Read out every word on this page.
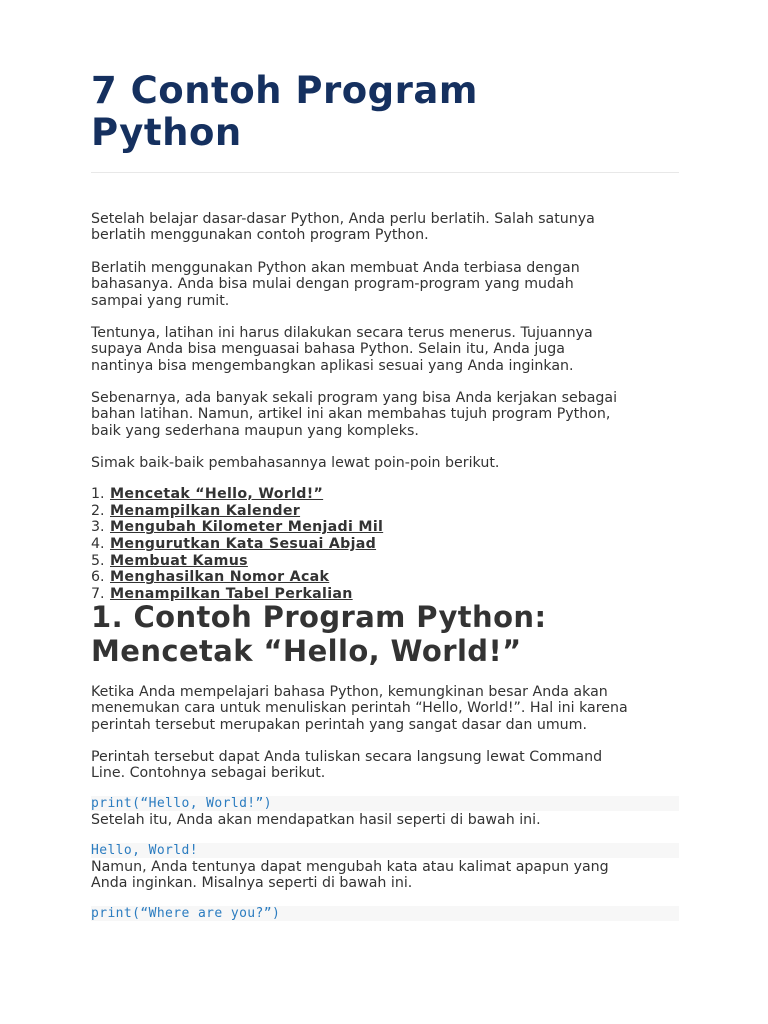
7 Contoh Program
Python

Setelah belajar dasar-dasar Python, Anda perlu berlatih. Salah satunya
berlatih menggunakan contoh program Python.

Berlatih menggunakan Python akan membuat Anda terbiasa dengan
bahasanya. Anda bisa mulai dengan program-program yang mudah
sampai yang rumit.

Tentunya, latihan ini harus dilakukan secara terus menerus. Tujuannya
supaya Anda bisa menguasai bahasa Python. Selain itu, Anda juga
nantinya bisa mengembangkan aplikasi sesuai yang Anda inginkan.

Sebenarnya, ada banyak sekali program yang bisa Anda kerjakan sebagai
bahan latihan. Namun, artikel ini akan membahas tujuh program Python,
baik yang sederhana maupun yang kompleks.

Simak baik-baik pembahasannya lewat poin-poin berikut.

1. Mencetak “Hello, World!”
2. Menampilkan Kalender
3. Mengubah Kilometer Menjadi Mil
4. Mengurutkan Kata Sesuai Abjad
5. Membuat Kamus
6. Menghasilkan Nomor Acak
7. Menampilkan Tabel Perkalian
1. Contoh Program Python:
Mencetak “Hello, World!”

Ketika Anda mempelajari bahasa Python, kemungkinan besar Anda akan
menemukan cara untuk menuliskan perintah “Hello, World!”. Hal ini karena
perintah tersebut merupakan perintah yang sangat dasar dan umum.

Perintah tersebut dapat Anda tuliskan secara langsung lewat Command
Line. Contohnya sebagai berikut.

print(“Hello, World!”)

Setelah itu, Anda akan mendapatkan hasil seperti di bawah ini.

Hello, World!

Namun, Anda tentunya dapat mengubah kata atau kalimat apapun yang
Anda inginkan. Misalnya seperti di bawah ini.

print(“Where are you?”)
